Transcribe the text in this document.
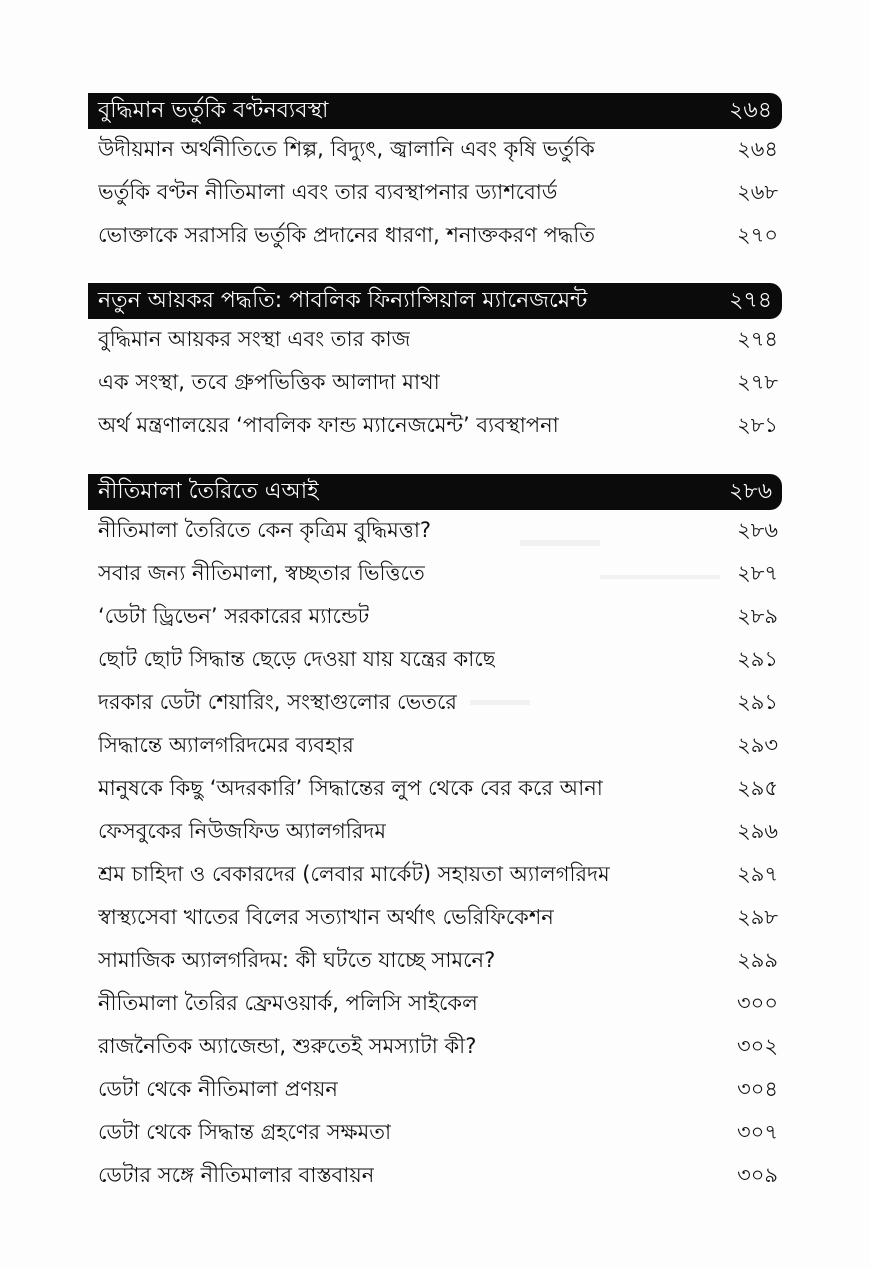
বুদ্ধিমান ভর্তুকি বণ্টনব্যবস্থা	২৬৪
উদীয়মান অর্থনীতিতে শিল্প, বিদ্যুৎ, জ্বালানি এবং কৃষি ভর্তুকি	২৬৪
ভর্তুকি বণ্টন নীতিমালা এবং তার ব্যবস্থাপনার ড্যাশবোর্ড	২৬৮
ভোক্তাকে সরাসরি ভর্তুকি প্রদানের ধারণা, শনাক্তকরণ পদ্ধতি	২৭০
নতুন আয়কর পদ্ধতি: পাবলিক ফিন্যান্সিয়াল ম্যানেজমেন্ট	২৭৪
বুদ্ধিমান আয়কর সংস্থা এবং তার কাজ	২৭৪
এক সংস্থা, তবে গ্রুপভিত্তিক আলাদা মাথা	২৭৮
অর্থ মন্ত্রণালয়ের ‘পাবলিক ফান্ড ম্যানেজমেন্ট’ ব্যবস্থাপনা	২৮১
নীতিমালা তৈরিতে এআই	২৮৬
নীতিমালা তৈরিতে কেন কৃত্রিম বুদ্ধিমত্তা?	২৮৬
সবার জন্য নীতিমালা, স্বচ্ছতার ভিত্তিতে	২৮৭
‘ডেটা ড্রিভেন’ সরকারের ম্যান্ডেট	২৮৯
ছোট ছোট সিদ্ধান্ত ছেড়ে দেওয়া যায় যন্ত্রের কাছে	২৯১
দরকার ডেটা শেয়ারিং, সংস্থাগুলোর ভেতরে	২৯১
সিদ্ধান্তে অ্যালগরিদমের ব্যবহার	২৯৩
মানুষকে কিছু ‘অদরকারি’ সিদ্ধান্তের লুপ থেকে বের করে আনা	২৯৫
ফেসবুকের নিউজফিড অ্যালগরিদম	২৯৬
শ্রম চাহিদা ও বেকারদের (লেবার মার্কেট) সহায়তা অ্যালগরিদম	২৯৭
স্বাস্থ্যসেবা খাতের বিলের সত্যাখান অর্থাৎ ভেরিফিকেশন	২৯৮
সামাজিক অ্যালগরিদম: কী ঘটতে যাচ্ছে সামনে?	২৯৯
নীতিমালা তৈরির ফ্রেমওয়ার্ক, পলিসি সাইকেল	৩০০
রাজনৈতিক অ্যাজেন্ডা, শুরুতেই সমস্যাটা কী?	৩০২
ডেটা থেকে নীতিমালা প্রণয়ন	৩০৪
ডেটা থেকে সিদ্ধান্ত গ্রহণের সক্ষমতা	৩০৭
ডেটার সঙ্গে নীতিমালার বাস্তবায়ন	৩০৯
